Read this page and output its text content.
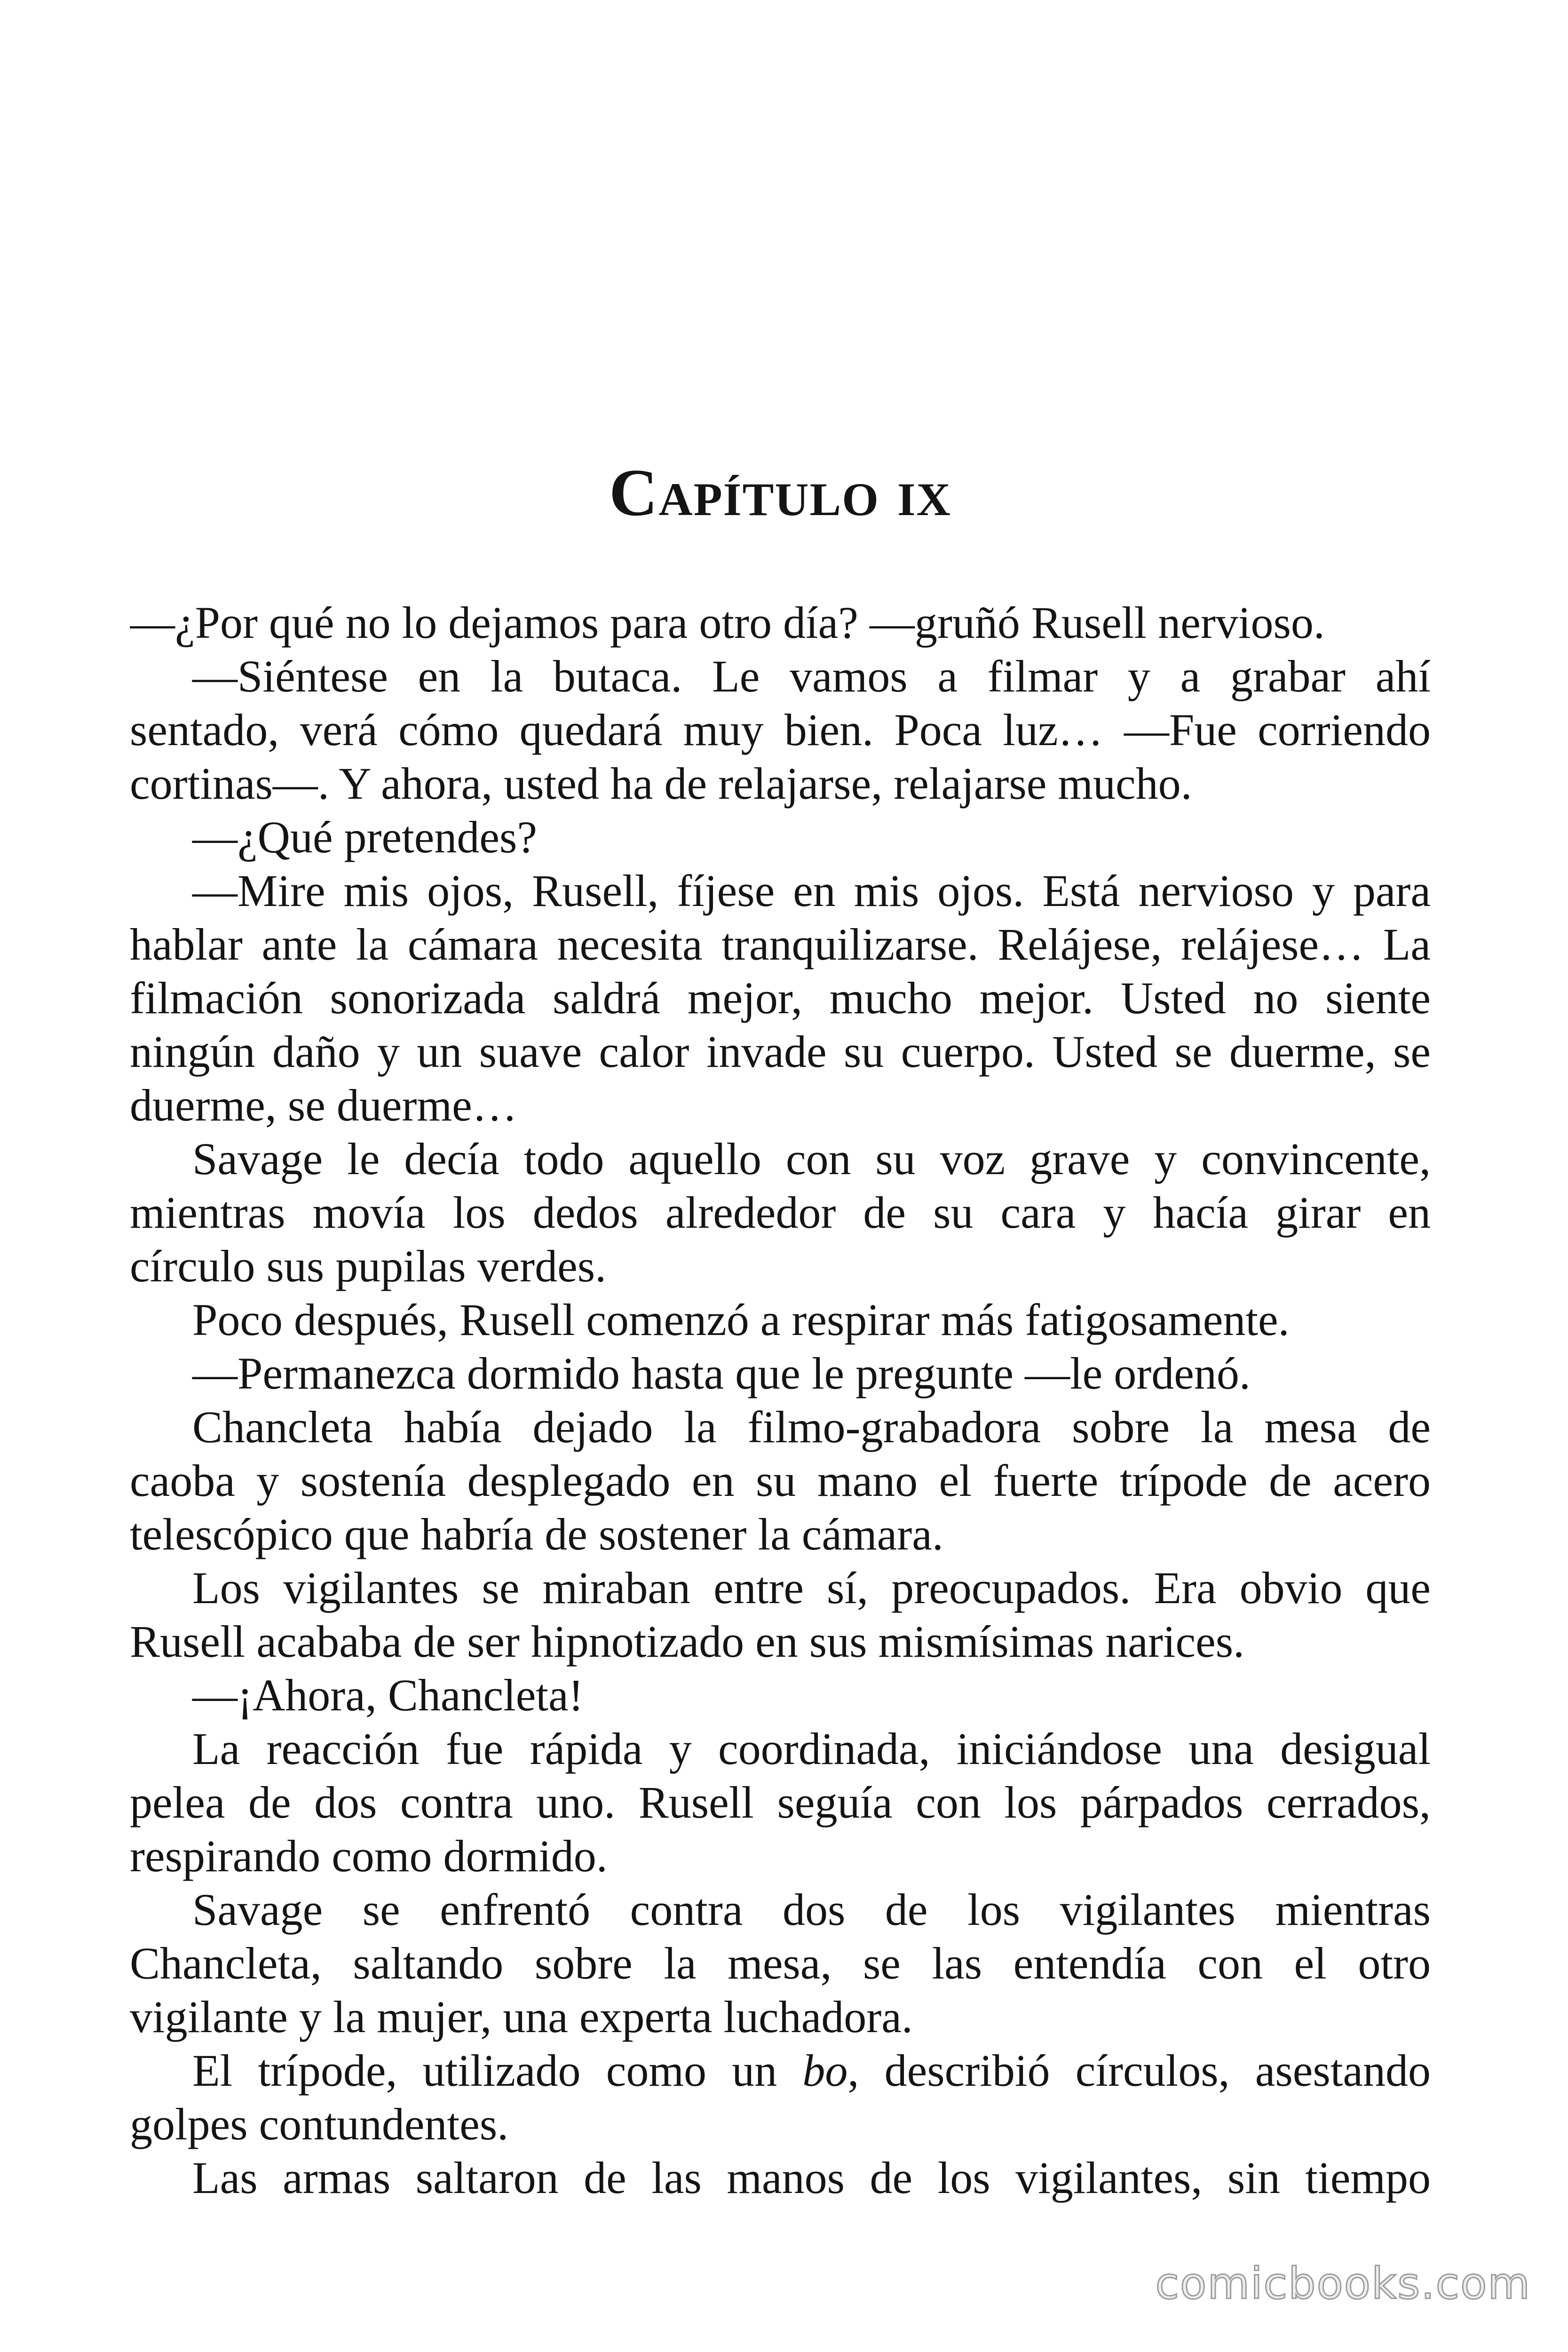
Capítulo ix
—¿Por qué no lo dejamos para otro día? —gruñó Rusell nervioso.
—Siéntese en la butaca. Le vamos a filmar y a grabar ahí
sentado, verá cómo quedará muy bien. Poca luz… —Fue corriendo
cortinas—. Y ahora, usted ha de relajarse, relajarse mucho.
—¿Qué pretendes?
—Mire mis ojos, Rusell, fíjese en mis ojos. Está nervioso y para
hablar ante la cámara necesita tranquilizarse. Relájese, relájese… La
filmación sonorizada saldrá mejor, mucho mejor. Usted no siente
ningún daño y un suave calor invade su cuerpo. Usted se duerme, se
duerme, se duerme…
Savage le decía todo aquello con su voz grave y convincente,
mientras movía los dedos alrededor de su cara y hacía girar en
círculo sus pupilas verdes.
Poco después, Rusell comenzó a respirar más fatigosamente.
—Permanezca dormido hasta que le pregunte —le ordenó.
Chancleta había dejado la filmo-grabadora sobre la mesa de
caoba y sostenía desplegado en su mano el fuerte trípode de acero
telescópico que habría de sostener la cámara.
Los vigilantes se miraban entre sí, preocupados. Era obvio que
Rusell acababa de ser hipnotizado en sus mismísimas narices.
—¡Ahora, Chancleta!
La reacción fue rápida y coordinada, iniciándose una desigual
pelea de dos contra uno. Rusell seguía con los párpados cerrados,
respirando como dormido.
Savage se enfrentó contra dos de los vigilantes mientras
Chancleta, saltando sobre la mesa, se las entendía con el otro
vigilante y la mujer, una experta luchadora.
El trípode, utilizado como un bo, describió círculos, asestando
golpes contundentes.
Las armas saltaron de las manos de los vigilantes, sin tiempo
comicbooks.com
